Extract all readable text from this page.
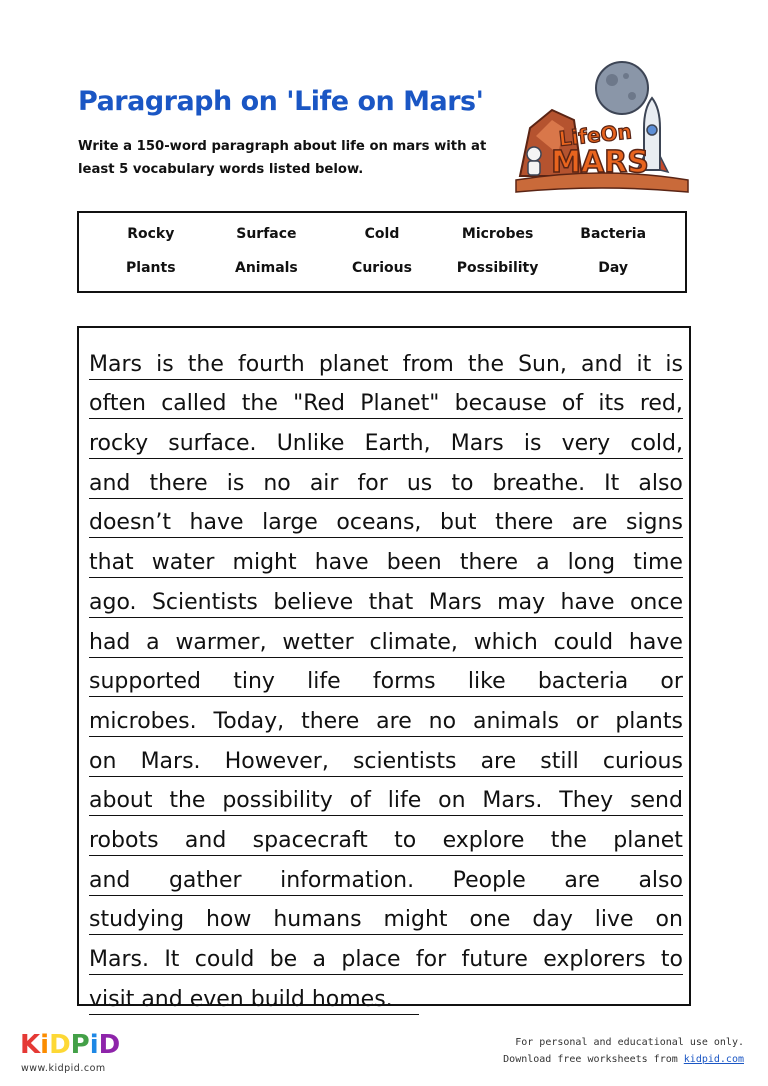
Paragraph on 'Life on Mars'
Write a 150-word paragraph about life on mars with at
least 5 vocabulary words listed below.
LifeOn
MARS
Rocky	Surface	Cold	Microbes	Bacteria
Plants	Animals	Curious	Possibility	Day
Mars is the fourth planet from the Sun, and it is
often called the "Red Planet" because of its red,
rocky surface. Unlike Earth, Mars is very cold,
and there is no air for us to breathe. It also
doesn’t have large oceans, but there are signs
that water might have been there a long time
ago. Scientists believe that Mars may have once
had a warmer, wetter climate, which could have
supported tiny life forms like bacteria or
microbes. Today, there are no animals or plants
on Mars. However, scientists are still curious
about the possibility of life on Mars. They send
robots and spacecraft to explore the planet
and gather information. People are also
studying how humans might one day live on
Mars. It could be a place for future explorers to
visit and even build homes.
KiDPiD
www.kidpid.com
For personal and educational use only.
Download free worksheets from kidpid.com
